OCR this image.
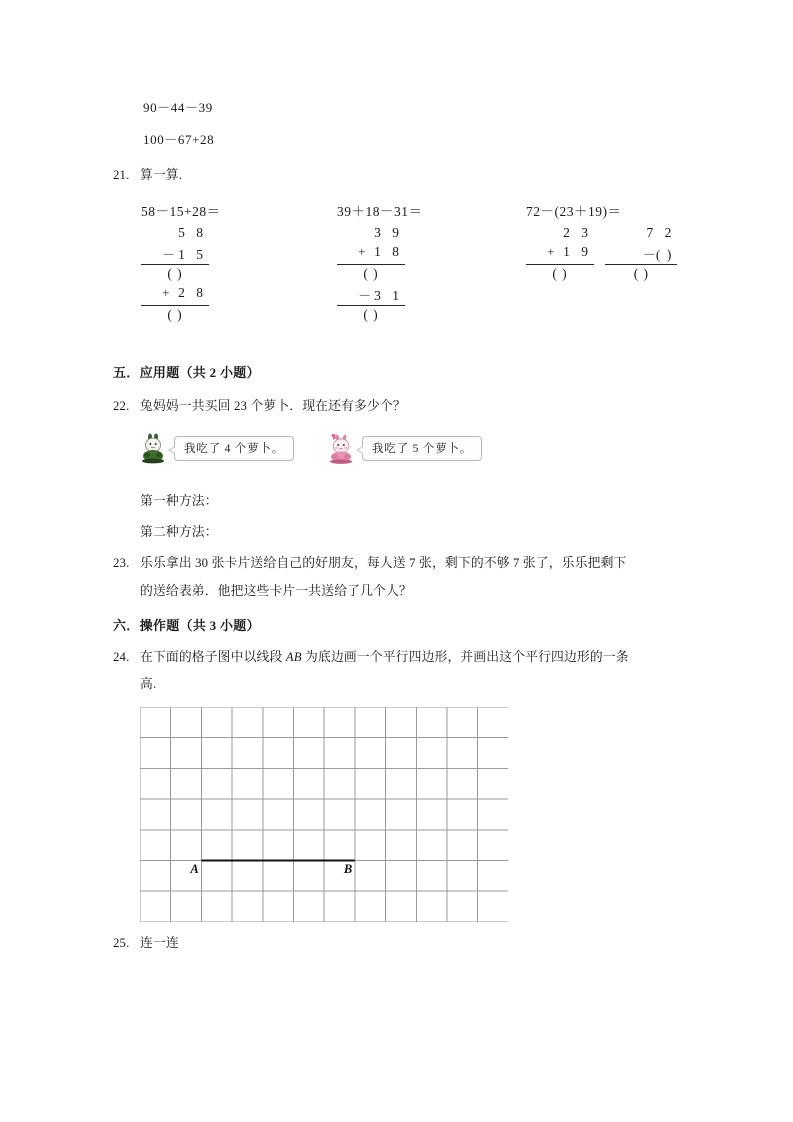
90－44－39
100－67+28
21. 算一算.
58－15+28＝
5 8
－ 1 5
( )
+ 2 8
( )
39＋18－31＝
3 9
+ 1 8
( )
－ 3 1
( )
72－(23＋19)＝
2 3
+ 1 9
( )

7 2
－( )
( )
五．应用题（共 2 小题）
22. 兔妈妈一共买回 23 个萝卜．现在还有多少个？
我吃了 4 个萝卜。	我吃了 5 个萝卜。
第一种方法：
第二种方法：
23. 乐乐拿出 30 张卡片送给自己的好朋友，每人送 7 张，剩下的不够 7 张了，乐乐把剩下
的送给表弟．他把这些卡片一共送给了几个人？
六．操作题（共 3 小题）
24. 在下面的格子图中以线段 AB 为底边画一个平行四边形，并画出这个平行四边形的一条
高.
A	B
25. 连一连
